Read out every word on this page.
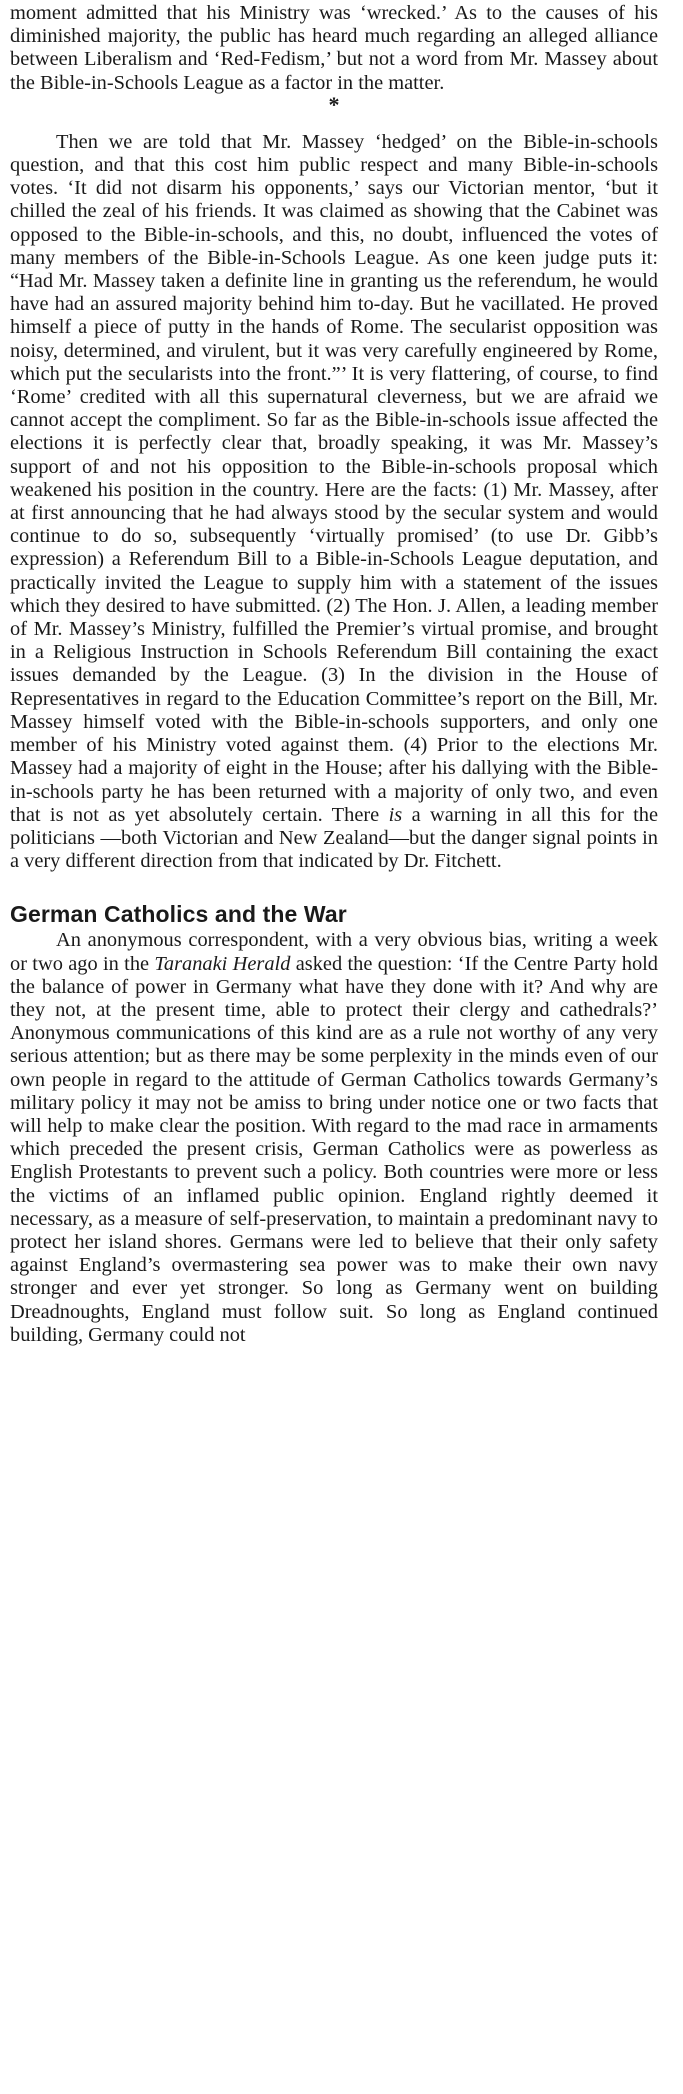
moment admitted that his Ministry was ‘wrecked.’ As to the causes of his diminished majority, the public has heard much regarding an alleged alliance between Liberalism and ‘Red-Fedism,’ but not a word from Mr. Massey about the Bible-in-Schools League as a factor in the matter.

*

Then we are told that Mr. Massey ‘hedged’ on the Bible-in-schools question, and that this cost him public respect and many Bible-in-schools votes. ‘It did not disarm his opponents,’ says our Victorian mentor, ‘but it chilled the zeal of his friends. It was claimed as showing that the Cabinet was opposed to the Bible-in-schools, and this, no doubt, influenced the votes of many members of the Bible-in-Schools League. As one keen judge puts it: “Had Mr. Massey taken a definite line in granting us the referendum, he would have had an assured majority behind him to-day. But he vacillated. He proved himself a piece of putty in the hands of Rome. The secularist opposition was noisy, determined, and virulent, but it was very carefully engineered by Rome, which put the secularists into the front.”’ It is very flattering, of course, to find ‘Rome’ credited with all this supernatural cleverness, but we are afraid we cannot accept the compliment. So far as the Bible-in-schools issue affected the elections it is perfectly clear that, broadly speaking, it was Mr. Massey’s support of and not his opposition to the Bible-in-schools proposal which weakened his position in the country. Here are the facts: (1) Mr. Massey, after at first announcing that he had always stood by the secular system and would continue to do so, subsequently ‘virtually promised’ (to use Dr. Gibb’s expression) a Referendum Bill to a Bible-in-Schools League deputation, and practically invited the League to supply him with a statement of the issues which they desired to have submitted. (2) The Hon. J. Allen, a leading member of Mr. Massey’s Ministry, fulfilled the Premier’s virtual promise, and brought in a Religious Instruction in Schools Referendum Bill containing the exact issues demanded by the League. (3) In the division in the House of Representatives in regard to the Education Committee’s report on the Bill, Mr. Massey himself voted with the Bible-in-schools supporters, and only one member of his Ministry voted against them. (4) Prior to the elections Mr. Massey had a majority of eight in the House; after his dallying with the Bible-in-schools party he has been returned with a majority of only two, and even that is not as yet absolutely certain. There is a warning in all this for the politicians —both Victorian and New Zealand—but the danger signal points in a very different direction from that indicated by Dr. Fitchett.

German Catholics and the War

An anonymous correspondent, with a very obvious bias, writing a week or two ago in the Taranaki Herald asked the question: ‘If the Centre Party hold the balance of power in Germany what have they done with it? And why are they not, at the present time, able to protect their clergy and cathedrals?’ Anonymous communications of this kind are as a rule not worthy of any very serious attention; but as there may be some perplexity in the minds even of our own people in regard to the attitude of German Catholics towards Germany’s military policy it may not be amiss to bring under notice one or two facts that will help to make clear the position. With regard to the mad race in armaments which preceded the present crisis, German Catholics were as powerless as English Protestants to prevent such a policy. Both countries were more or less the victims of an inflamed public opinion. England rightly deemed it necessary, as a measure of self-preservation, to maintain a predominant navy to protect her island shores. Germans were led to believe that their only safety against England’s overmastering sea power was to make their own navy stronger and ever yet stronger. So long as Germany went on building Dreadnoughts, England must follow suit. So long as England continued building, Germany could not
